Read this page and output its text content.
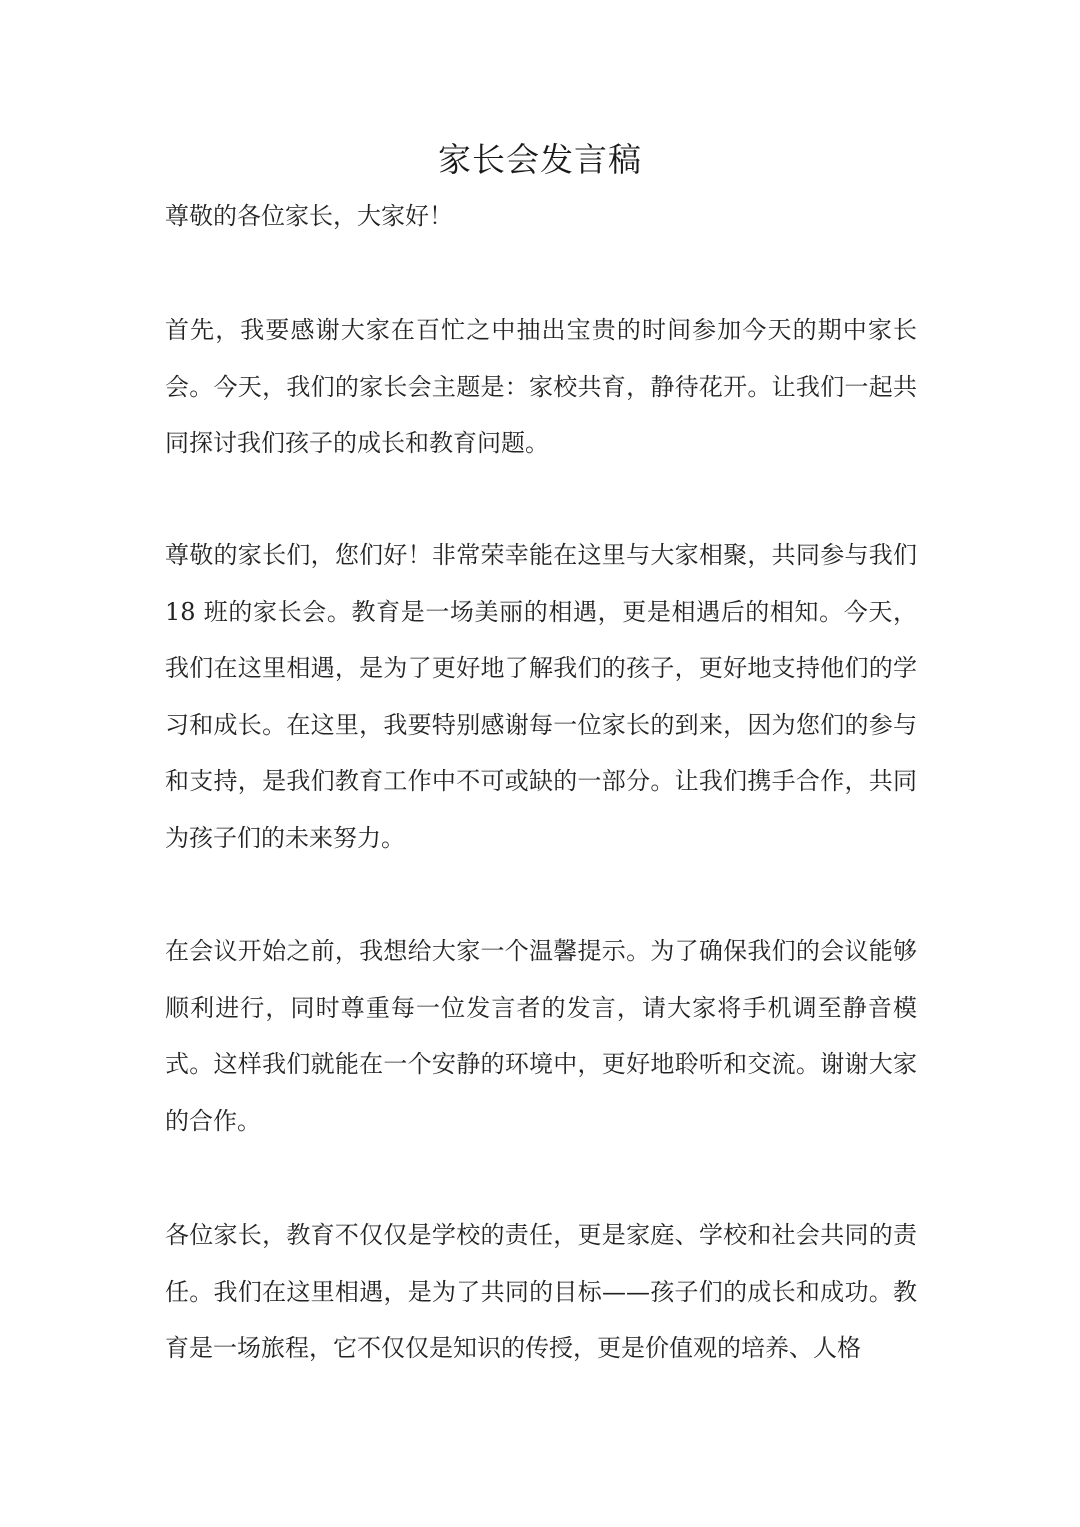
家长会发言稿

尊敬的各位家长，大家好！

首先，我要感谢大家在百忙之中抽出宝贵的时间参加今天的期中家长会。今天，我们的家长会主题是：家校共育，静待花开。让我们一起共同探讨我们孩子的成长和教育问题。

尊敬的家长们，您们好！非常荣幸能在这里与大家相聚，共同参与我们 18 班的家长会。教育是一场美丽的相遇，更是相遇后的相知。今天，我们在这里相遇，是为了更好地了解我们的孩子，更好地支持他们的学习和成长。在这里，我要特别感谢每一位家长的到来，因为您们的参与和支持，是我们教育工作中不可或缺的一部分。让我们携手合作，共同为孩子们的未来努力。

在会议开始之前，我想给大家一个温馨提示。为了确保我们的会议能够顺利进行，同时尊重每一位发言者的发言，请大家将手机调至静音模式。这样我们就能在一个安静的环境中，更好地聆听和交流。谢谢大家的合作。

各位家长，教育不仅仅是学校的责任，更是家庭、学校和社会共同的责任。我们在这里相遇，是为了共同的目标——孩子们的成长和成功。教育是一场旅程，它不仅仅是知识的传授，更是价值观的培养、人格
